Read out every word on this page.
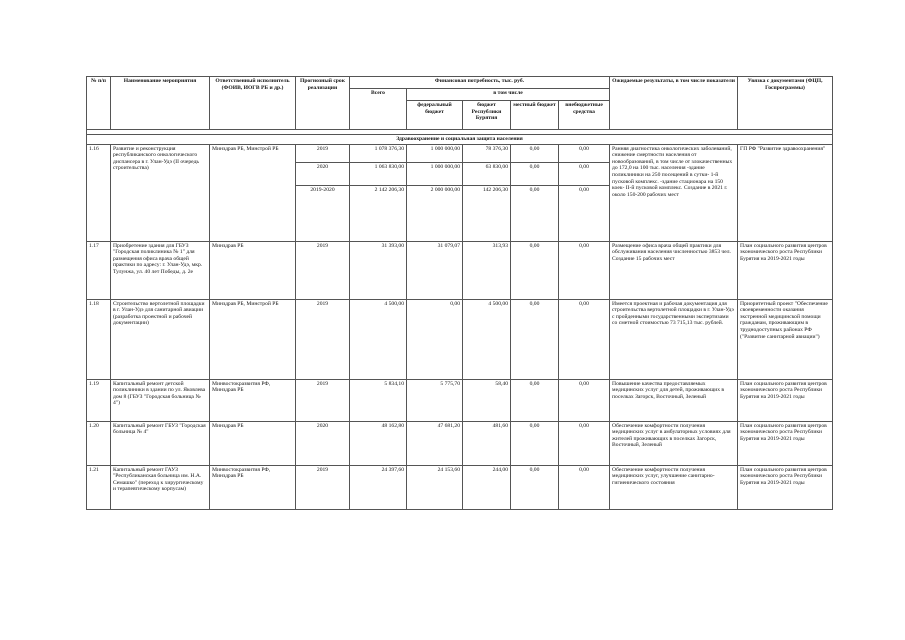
№ п/п	Наименование мероприятия	Ответственный исполнитель (ФОИВ, ИОГВ РБ и др.)	Прогнозный срок реализации	Финансовая потребность, тыс. руб.					Ожидаемые результаты, в том числе показатели	Увязка с документами (ФЦП, Госпрограммы)
				Всего	в том числе					
					федеральный бюджет	бюджет Республики Бурятия	местный бюджет	внебюджетные средства		

Здравоохранение и социальная защита населения										
1.16	Развитие и реконструкция республиканского онкологического диспансера в г. Улан-Удэ (II очередь строительства)	Минздрав РБ, Минстрой РБ	2019	1 078 376,30	1 000 000,00	78 376,30	0,00	0,00	Ранняя диагностика онкологических заболеваний, снижение смертности населения от новообразований, в том числе от злокачественных до 172,0 на 100 тыс. населения -здание поликлиники на 250 посещений в сутки- 1-й пусковой комплекс. -здание стационара на 150 коек- II-й пусковой комплекс. Создание в 2021 г. около 150-200 рабочих мест	ГП РФ "Развитие здравоохранения"
			2020	1 063 830,00	1 000 000,00	63 830,00	0,00	0,00		
			2019-2020	2 142 206,30	2 000 000,00	142 206,30	0,00	0,00		
1.17	Приобретение здания для ГБУЗ "Городская поликлиника № 1" для размещения офиса врача общей практики по адресу: г. Улан-Удэ, мкр. Тулунжа, ул. 40 лет Победы, д. 2е	Минздрав РБ	2019	31 393,00	31 079,07	313,93	0,00	0,00	Размещение офиса врача общей практики для обслуживания населения численностью 3853 чел. Создание 15 рабочих мест	План социального развития центров экономического роста Республики Бурятия на 2019-2021 годы
1.18	Строительство вертолетной площадки в г. Улан-Удэ для санитарной авиации (разработка проектной и рабочей документации)	Минздрав РБ, Минстрой РБ	2019	4 500,00	0,00	4 500,00	0,00	0,00	Имеется проектная и рабочая документация для строительства вертолетной площадки в г. Улан-Удэ с пройденными государственными экспертизами со сметной стоимостью 73 715,13 тыс. рублей.	Приоритетный проект "Обеспечение своевременности оказания экстренной медицинской помощи гражданам, проживающим в труднодоступных районах РФ ("Развитие санитарной авиации")
1.19	Капитальный ремонт детской поликлиники в здании по ул. Яковлева дом 8 (ГБУЗ "Городская больница № 4")	Минвостокразвития РФ, Минздрав РБ	2019	5 834,10	5 775,70	58,40	0,00	0,00	Повышение качества предоставляемых медицинских услуг для детей, проживающих в поселках Загорск, Восточный, Зеленый	План социального развития центров экономического роста Республики Бурятия на 2019-2021 годы
1.20	Капитальный ремонт ГБУЗ "Городская больница № 4"	Минздрав РБ	2020	48 162,80	47 681,20	481,60	0,00	0,00	Обеспечение комфортности получения медицинских услуг в амбулаторных условиях для жителей проживающих в поселках Загорск, Восточный, Зеленый	План социального развития центров экономического роста Республики Бурятия на 2019-2021 годы
1.21	Капитальный ремонт ГАУЗ "Республиканская больница им. Н.А. Семашко" (переход к хирургическому и терапевтическому корпусам)	Минвостокразвития РФ, Минздрав РБ	2019	24 397,60	24 153,60	244,00	0,00	0,00	Обеспечение комфортности получения медицинских услуг, улучшение санитарно-гигиенического состояния	План социального развития центров экономического роста Республики Бурятия на 2019-2021 годы
